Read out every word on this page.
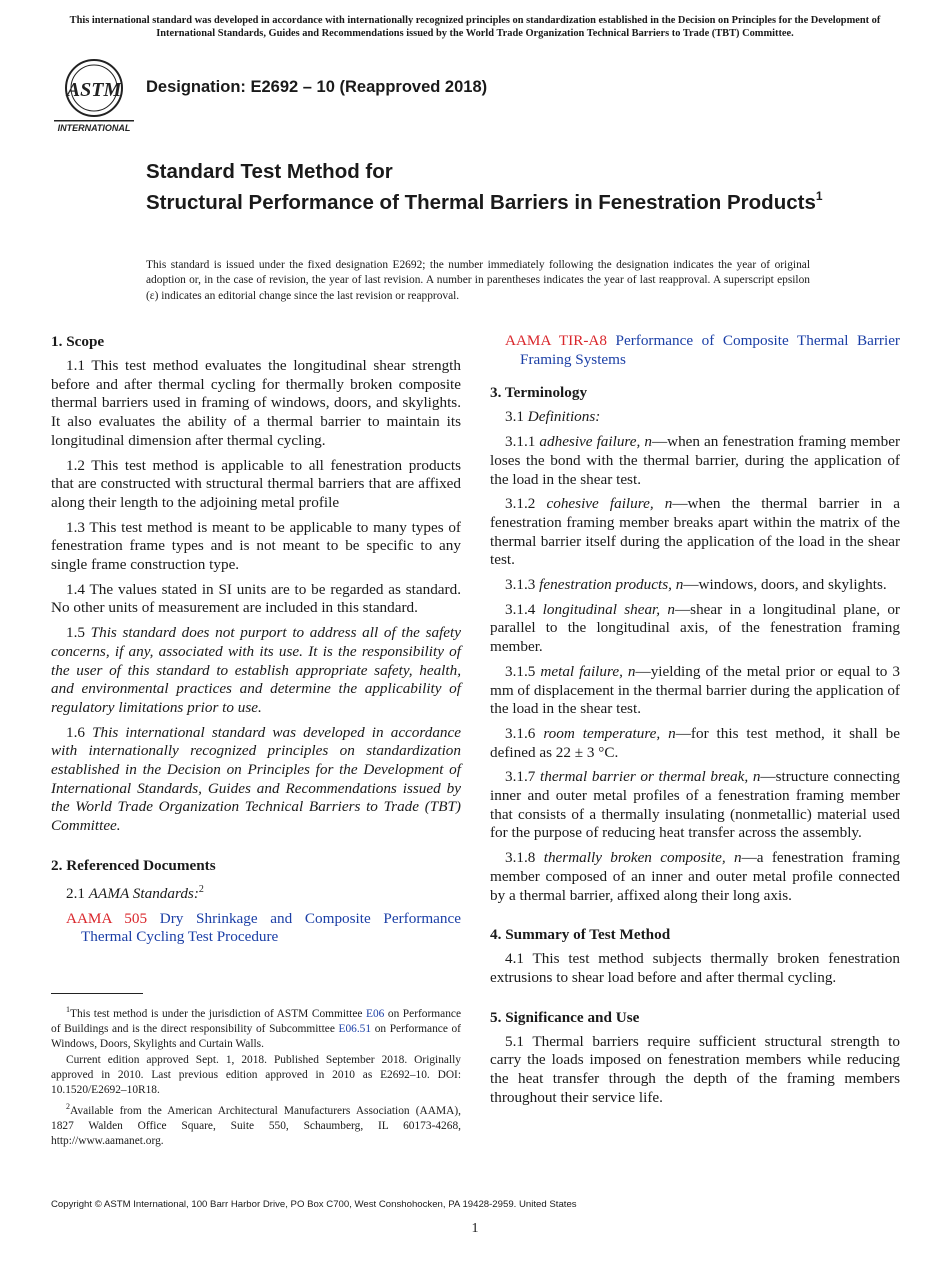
This international standard was developed in accordance with internationally recognized principles on standardization established in the Decision on Principles for the Development of International Standards, Guides and Recommendations issued by the World Trade Organization Technical Barriers to Trade (TBT) Committee.
ASTM
INTERNATIONAL
Designation: E2692 – 10 (Reapproved 2018)
Standard Test Method for
Structural Performance of Thermal Barriers in Fenestration Products$^1$
This standard is issued under the fixed designation E2692; the number immediately following the designation indicates the year of original adoption or, in the case of revision, the year of last revision. A number in parentheses indicates the year of last reapproval. A superscript epsilon (ε) indicates an editorial change since the last revision or reapproval.
1. Scope

1.1 This test method evaluates the longitudinal shear strength before and after thermal cycling for thermally broken composite thermal barriers used in framing of windows, doors, and skylights. It also evaluates the ability of a thermal barrier to maintain its longitudinal dimension after thermal cycling.

1.2 This test method is applicable to all fenestration products that are constructed with structural thermal barriers that are affixed along their length to the adjoining metal profile

1.3 This test method is meant to be applicable to many types of fenestration frame types and is not meant to be specific to any single frame construction type.

1.4 The values stated in SI units are to be regarded as standard. No other units of measurement are included in this standard.

1.5 This standard does not purport to address all of the safety concerns, if any, associated with its use. It is the responsibility of the user of this standard to establish appropriate safety, health, and environmental practices and determine the applicability of regulatory limitations prior to use.

1.6 This international standard was developed in accordance with internationally recognized principles on standardization established in the Decision on Principles for the Development of International Standards, Guides and Recommendations issued by the World Trade Organization Technical Barriers to Trade (TBT) Committee.

2. Referenced Documents

2.1 AAMA Standards:$^2$

AAMA 505 Dry Shrinkage and Composite Performance Thermal Cycling Test Procedure

AAMA TIR-A8 Performance of Composite Thermal Barrier Framing Systems

3. Terminology

3.1 Definitions:

3.1.1 adhesive failure, n—when an fenestration framing member loses the bond with the thermal barrier, during the application of the load in the shear test.

3.1.2 cohesive failure, n—when the thermal barrier in a fenestration framing member breaks apart within the matrix of the thermal barrier itself during the application of the load in the shear test.

3.1.3 fenestration products, n—windows, doors, and skylights.

3.1.4 longitudinal shear, n—shear in a longitudinal plane, or parallel to the longitudinal axis, of the fenestration framing member.

3.1.5 metal failure, n—yielding of the metal prior or equal to 3 mm of displacement in the thermal barrier during the application of the load in the shear test.

3.1.6 room temperature, n—for this test method, it shall be defined as 22 ± 3 °C.

3.1.7 thermal barrier or thermal break, n—structure connecting inner and outer metal profiles of a fenestration framing member that consists of a thermally insulating (nonmetallic) material used for the purpose of reducing heat transfer across the assembly.

3.1.8 thermally broken composite, n—a fenestration framing member composed of an inner and outer metal profile connected by a thermal barrier, affixed along their long axis.

4. Summary of Test Method

4.1 This test method subjects thermally broken fenestration extrusions to shear load before and after thermal cycling.

5. Significance and Use

5.1 Thermal barriers require sufficient structural strength to carry the loads imposed on fenestration members while reducing the heat transfer through the depth of the framing members throughout their service life.

$^1$This test method is under the jurisdiction of ASTM Committee E06 on Performance of Buildings and is the direct responsibility of Subcommittee E06.51 on Performance of Windows, Doors, Skylights and Curtain Walls.

Current edition approved Sept. 1, 2018. Published September 2018. Originally approved in 2010. Last previous edition approved in 2010 as E2692–10. DOI: 10.1520/E2692–10R18.

$^2$Available from the American Architectural Manufacturers Association (AAMA), 1827 Walden Office Square, Suite 550, Schaumberg, IL 60173-4268, http://www.aamanet.org.

Copyright © ASTM International, 100 Barr Harbor Drive, PO Box C700, West Conshohocken, PA 19428-2959. United States
1
